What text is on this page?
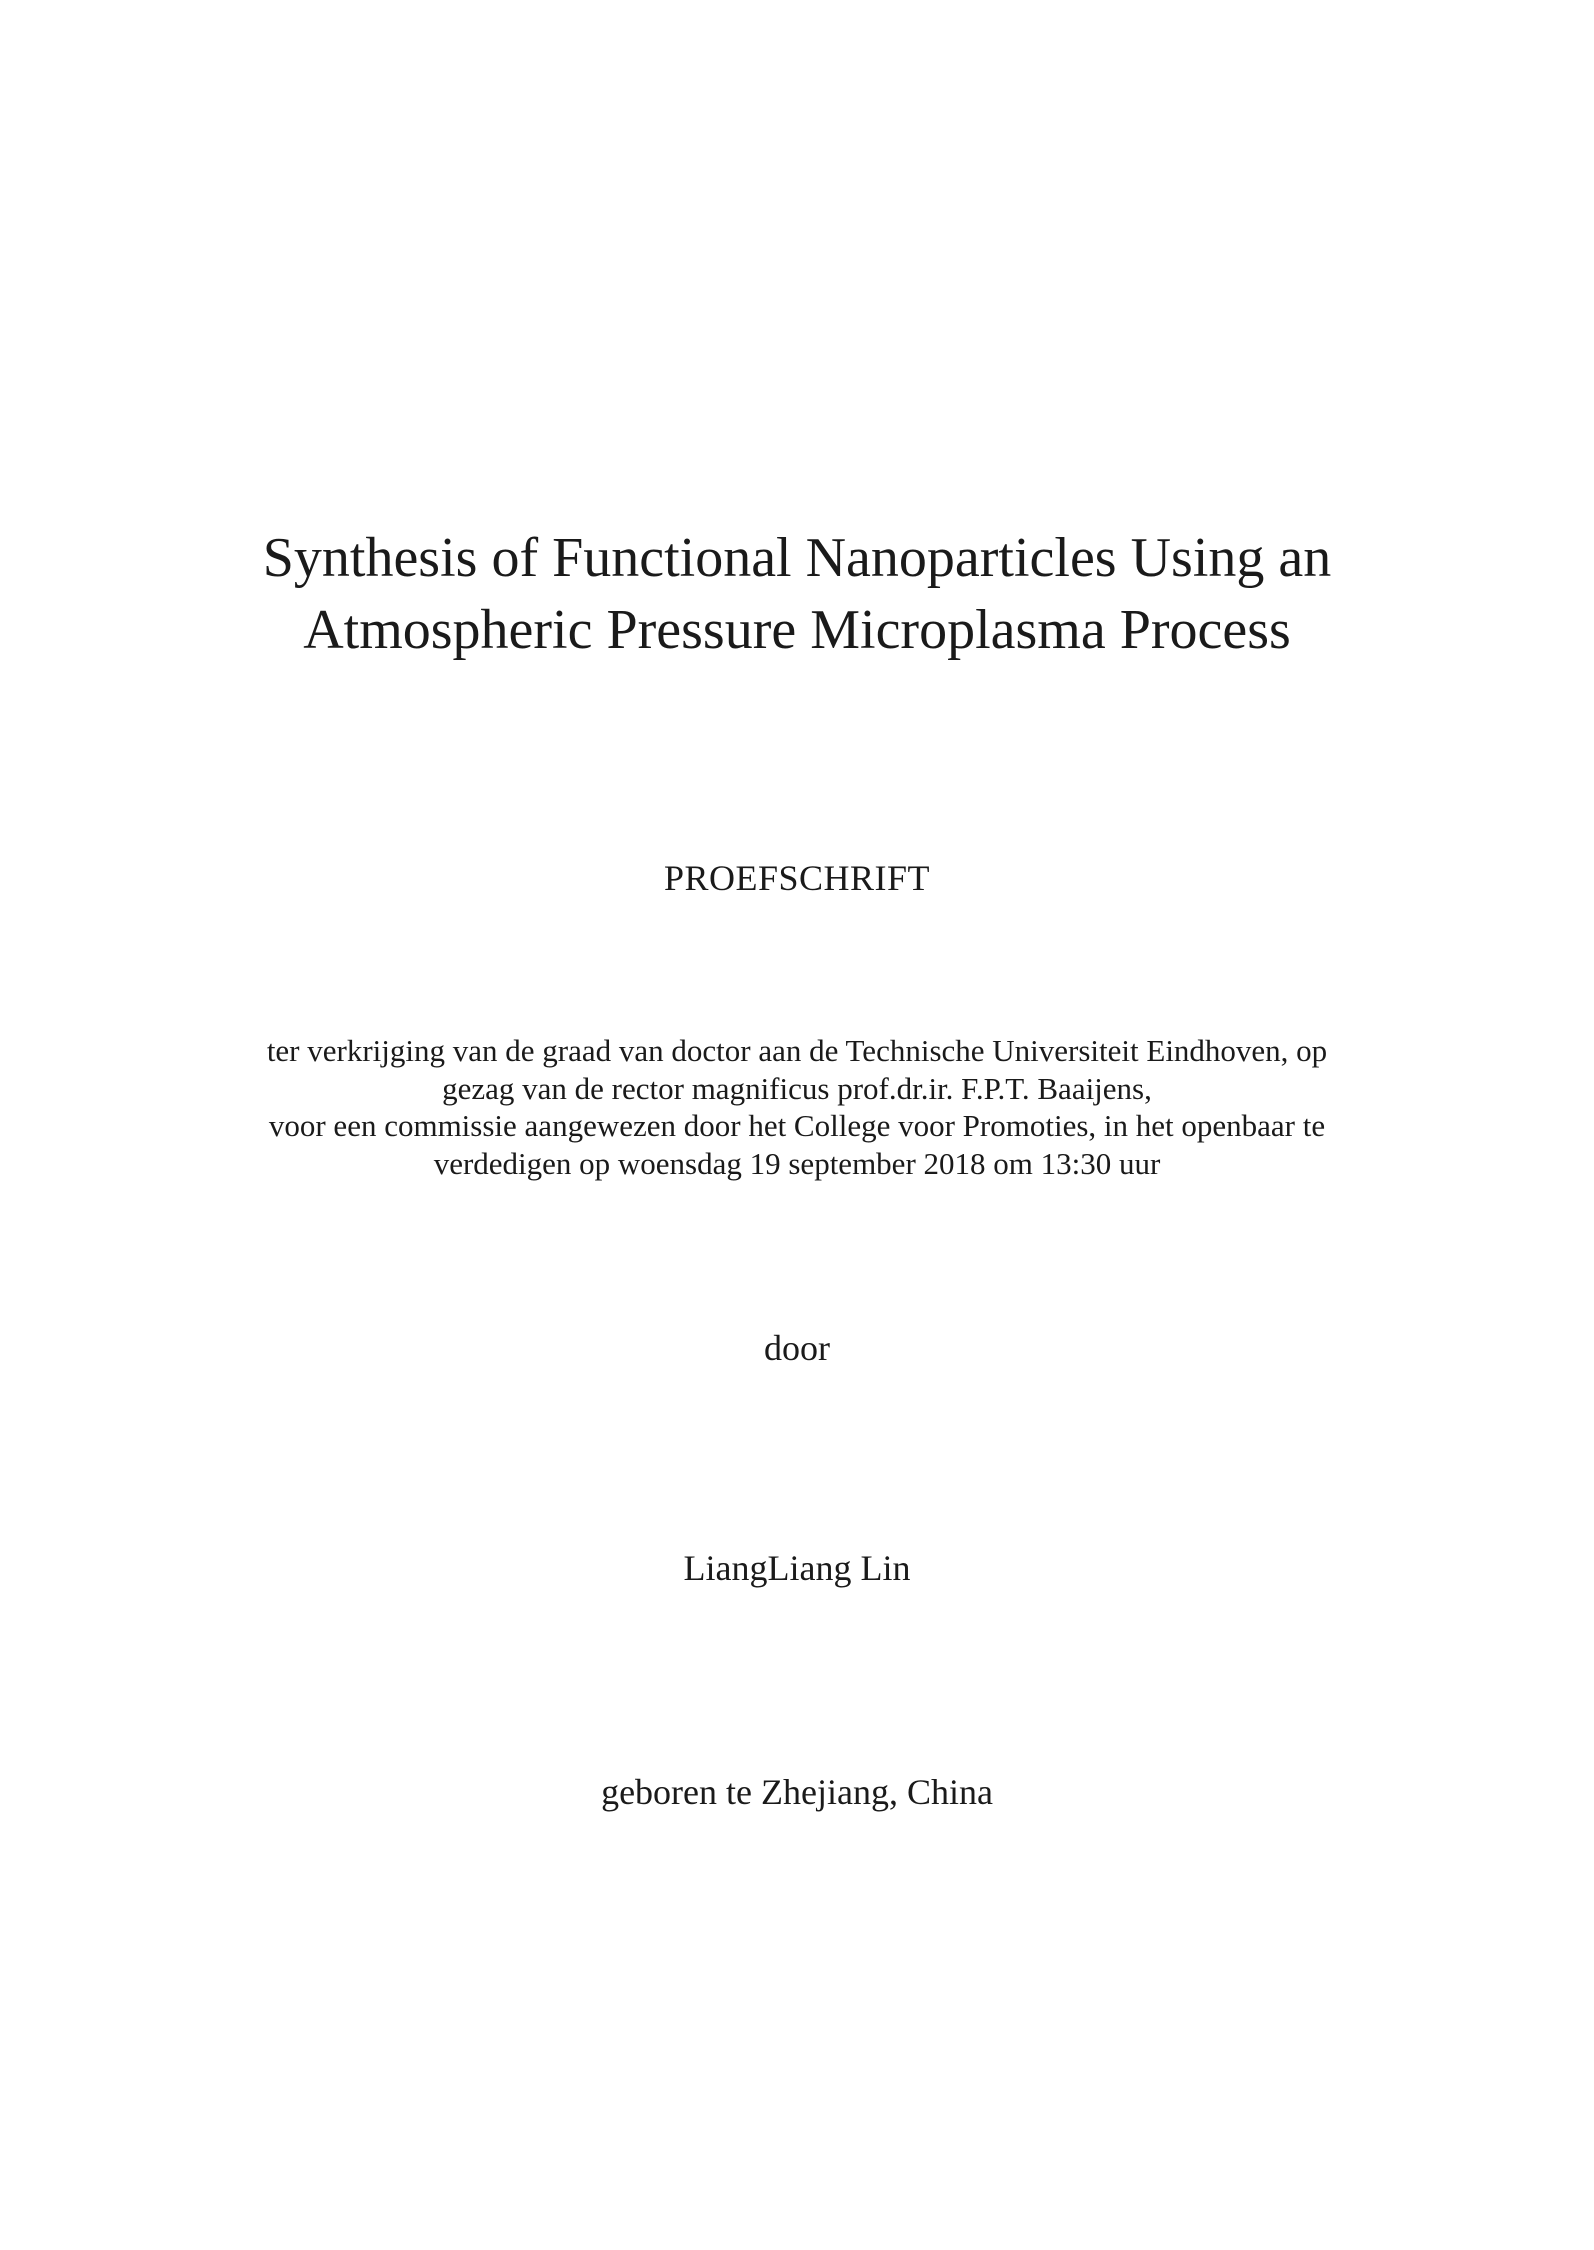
Synthesis of Functional Nanoparticles Using an
Atmospheric Pressure Microplasma Process
PROEFSCHRIFT
ter verkrijging van de graad van doctor aan de Technische Universiteit Eindhoven, op
gezag van de rector magnificus prof.dr.ir. F.P.T. Baaijens,
voor een commissie aangewezen door het College voor Promoties, in het openbaar te
verdedigen op woensdag 19 september 2018 om 13:30 uur
door
LiangLiang Lin
geboren te Zhejiang, China
